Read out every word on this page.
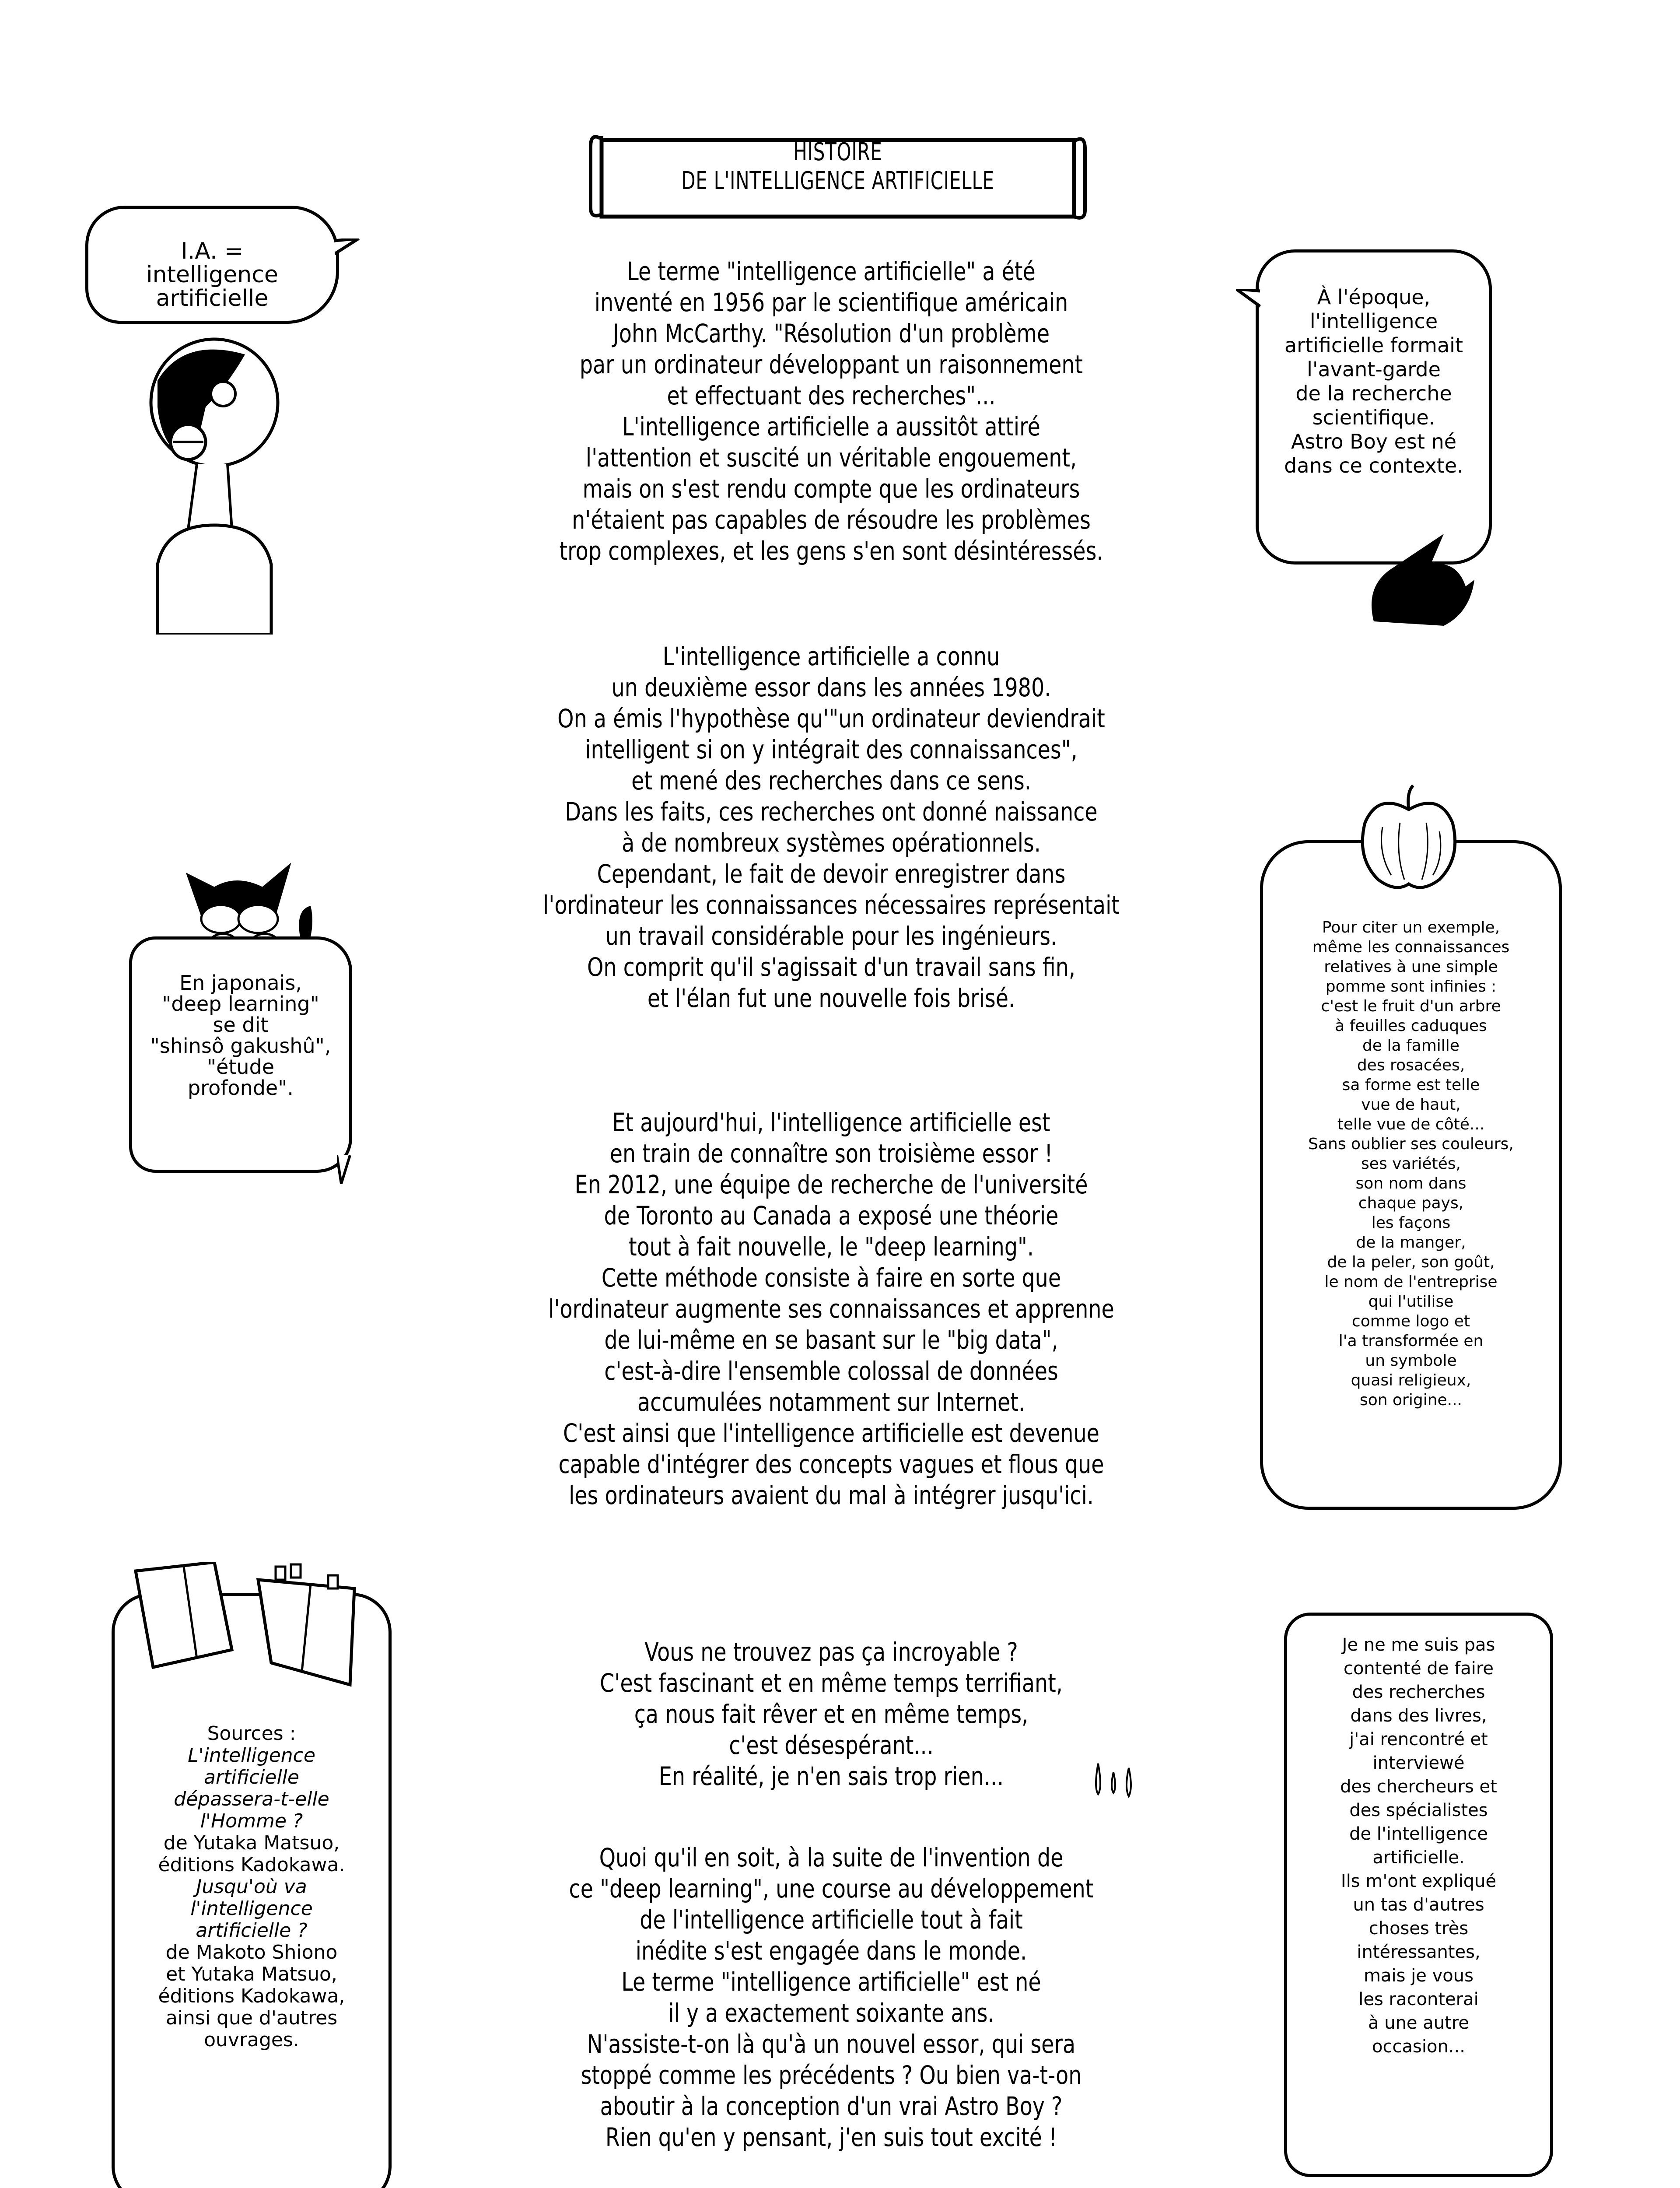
HISTOIRE
DE L'INTELLIGENCE ARTIFICIELLE
Le terme "intelligence artificielle" a été
inventé en 1956 par le scientifique américain
John McCarthy. "Résolution d'un problème
par un ordinateur développant un raisonnement
et effectuant des recherches"...
L'intelligence artificielle a aussitôt attiré
l'attention et suscité un véritable engouement,
mais on s'est rendu compte que les ordinateurs
n'étaient pas capables de résoudre les problèmes
trop complexes, et les gens s'en sont désintéressés.
L'intelligence artificielle a connu
un deuxième essor dans les années 1980.
On a émis l'hypothèse qu'"un ordinateur deviendrait
intelligent si on y intégrait des connaissances",
et mené des recherches dans ce sens.
Dans les faits, ces recherches ont donné naissance
à de nombreux systèmes opérationnels.
Cependant, le fait de devoir enregistrer dans
l'ordinateur les connaissances nécessaires représentait
un travail considérable pour les ingénieurs.
On comprit qu'il s'agissait d'un travail sans fin,
et l'élan fut une nouvelle fois brisé.
Et aujourd'hui, l'intelligence artificielle est
en train de connaître son troisième essor !
En 2012, une équipe de recherche de l'université
de Toronto au Canada a exposé une théorie
tout à fait nouvelle, le "deep learning".
Cette méthode consiste à faire en sorte que
l'ordinateur augmente ses connaissances et apprenne
de lui-même en se basant sur le "big data",
c'est-à-dire l'ensemble colossal de données
accumulées notamment sur Internet.
C'est ainsi que l'intelligence artificielle est devenue
capable d'intégrer des concepts vagues et flous que
les ordinateurs avaient du mal à intégrer jusqu'ici.
Vous ne trouvez pas ça incroyable ?
C'est fascinant et en même temps terrifiant,
ça nous fait rêver et en même temps,
c'est désespérant...
En réalité, je n'en sais trop rien...
Quoi qu'il en soit, à la suite de l'invention de
ce "deep learning", une course au développement
de l'intelligence artificielle tout à fait
inédite s'est engagée dans le monde.
Le terme "intelligence artificielle" est né
il y a exactement soixante ans.
N'assiste-t-on là qu'à un nouvel essor, qui sera
stoppé comme les précédents ? Ou bien va-t-on
aboutir à la conception d'un vrai Astro Boy ?
Rien qu'en y pensant, j'en suis tout excité !
I.A. =
intelligence
artificielle	À l'époque,
l'intelligence
artificielle formait
l'avant-garde
de la recherche
scientifique.
Astro Boy est né
dans ce contexte.
En japonais,
"deep learning"
se dit
"shinsô gakushû",
"étude
profonde".
Pour citer un exemple,
même les connaissances
relatives à une simple
pomme sont infinies :
c'est le fruit d'un arbre
à feuilles caduques
de la famille
des rosacées,
sa forme est telle
vue de haut,
telle vue de côté...
Sans oublier ses couleurs,
ses variétés,
son nom dans
chaque pays,
les façons
de la manger,
de la peler, son goût,
le nom de l'entreprise
qui l'utilise
comme logo et
l'a transformée en
un symbole
quasi religieux,
son origine...
Sources :
L'intelligence
artificielle
dépassera-t-elle
l'Homme ?
de Yutaka Matsuo,
éditions Kadokawa.
Jusqu'où va
l'intelligence
artificielle ?
de Makoto Shiono
et Yutaka Matsuo,
éditions Kadokawa,
ainsi que d'autres
ouvrages.
Je ne me suis pas
contenté de faire
des recherches
dans des livres,
j'ai rencontré et
interviewé
des chercheurs et
des spécialistes
de l'intelligence
artificielle.
Ils m'ont expliqué
un tas d'autres
choses très
intéressantes,
mais je vous
les raconterai
à une autre
occasion...
